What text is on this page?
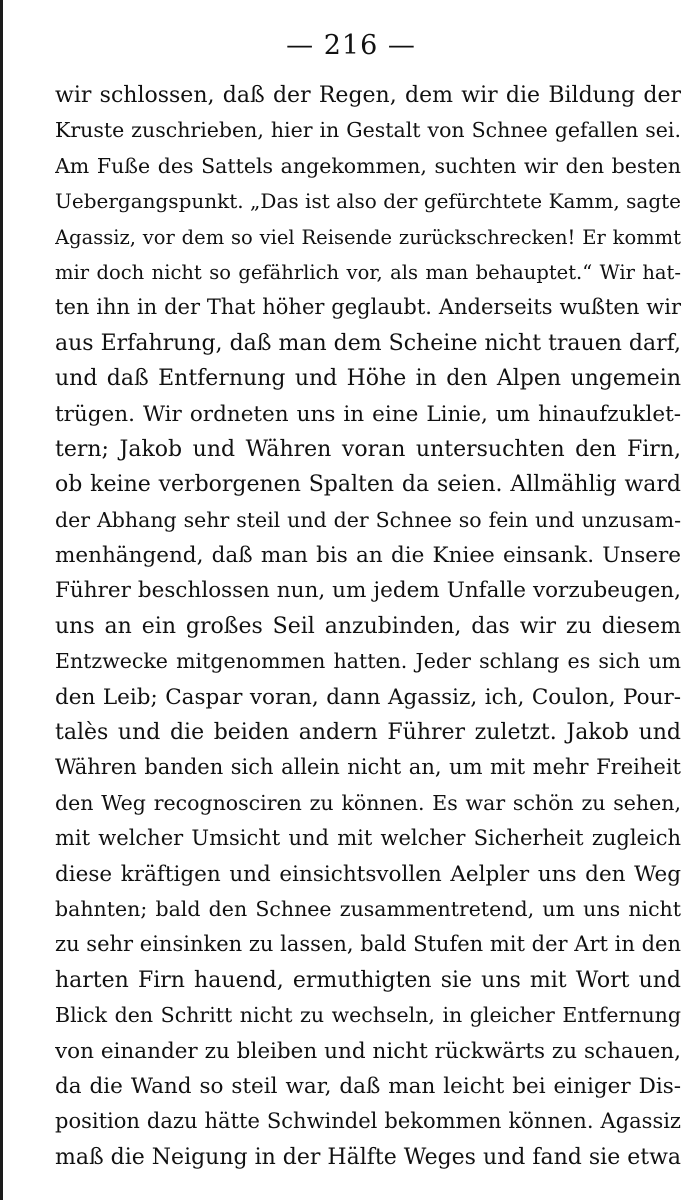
— 216 —
wir schlossen, daß der Regen, dem wir die Bildung der
Kruste zuschrieben, hier in Gestalt von Schnee gefallen sei.
Am Fuße des Sattels angekommen, suchten wir den besten
Uebergangspunkt. „Das ist also der gefürchtete Kamm, sagte
Agassiz, vor dem so viel Reisende zurückschrecken! Er kommt
mir doch nicht so gefährlich vor, als man behauptet.“ Wir hat-
ten ihn in der That höher geglaubt. Anderseits wußten wir
aus Erfahrung, daß man dem Scheine nicht trauen darf,
und daß Entfernung und Höhe in den Alpen ungemein
trügen. Wir ordneten uns in eine Linie, um hinaufzuklet-
tern; Jakob und Währen voran untersuchten den Firn,
ob keine verborgenen Spalten da seien. Allmählig ward
der Abhang sehr steil und der Schnee so fein und unzusam-
menhängend, daß man bis an die Kniee einsank. Unsere
Führer beschlossen nun, um jedem Unfalle vorzubeugen,
uns an ein großes Seil anzubinden, das wir zu diesem
Entzwecke mitgenommen hatten. Jeder schlang es sich um
den Leib; Caspar voran, dann Agassiz, ich, Coulon, Pour-
talès und die beiden andern Führer zuletzt. Jakob und
Währen banden sich allein nicht an, um mit mehr Freiheit
den Weg recognosciren zu können. Es war schön zu sehen,
mit welcher Umsicht und mit welcher Sicherheit zugleich
diese kräftigen und einsichtsvollen Aelpler uns den Weg
bahnten; bald den Schnee zusammentretend, um uns nicht
zu sehr einsinken zu lassen, bald Stufen mit der Art in den
harten Firn hauend, ermuthigten sie uns mit Wort und
Blick den Schritt nicht zu wechseln, in gleicher Entfernung
von einander zu bleiben und nicht rückwärts zu schauen,
da die Wand so steil war, daß man leicht bei einiger Dis-
position dazu hätte Schwindel bekommen können. Agassiz
maß die Neigung in der Hälfte Weges und fand sie etwa
